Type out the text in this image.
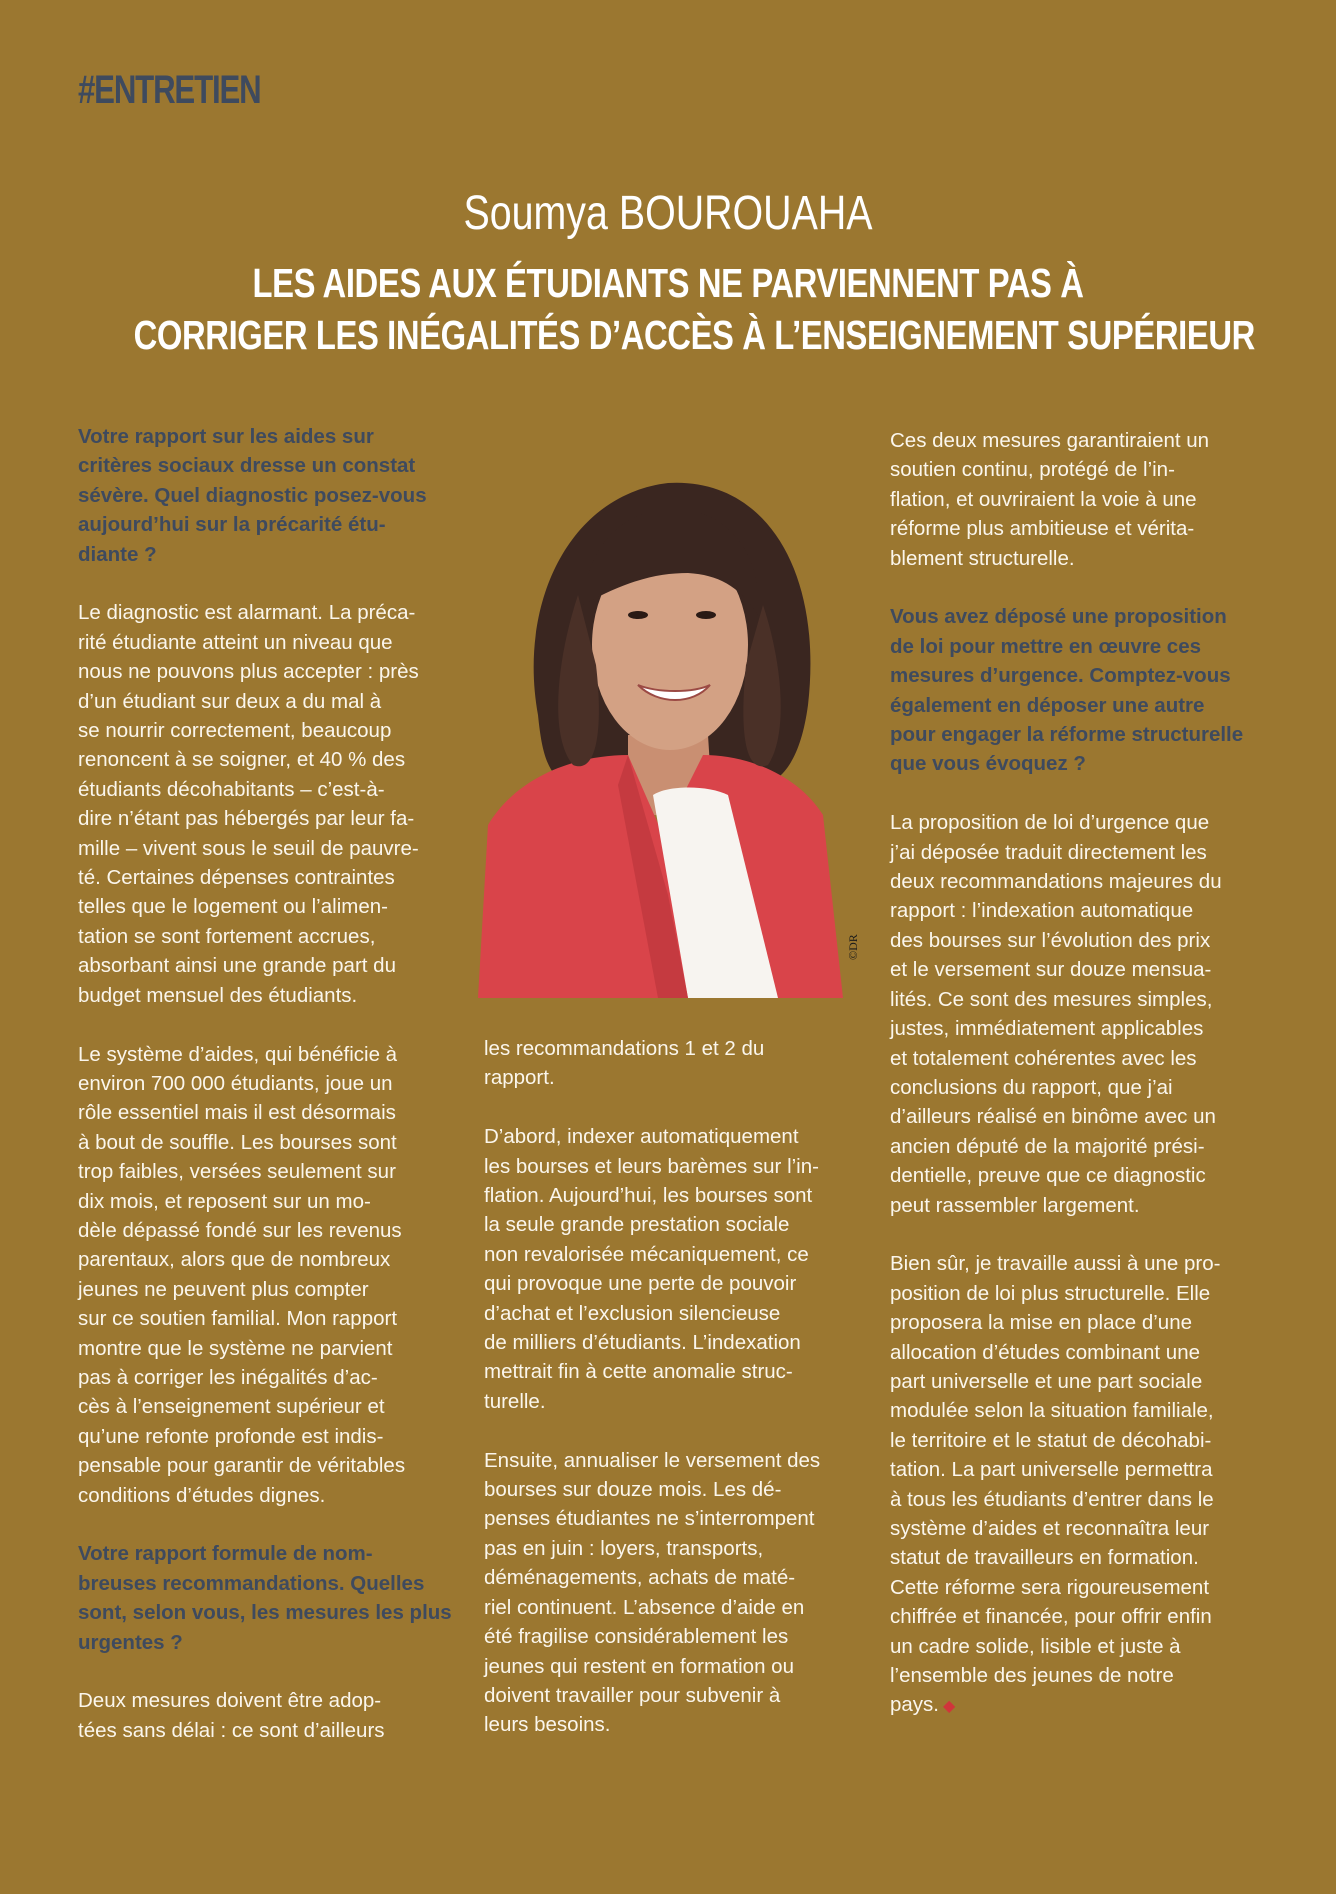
#ENTRETIEN
Soumya BOUROUAHA
LES AIDES AUX ÉTUDIANTS NE PARVIENNENT PAS À
CORRIGER LES INÉGALITÉS D’ACCÈS À L’ENSEIGNEMENT SUPÉRIEUR

Votre rapport sur les aides sur
critères sociaux dresse un constat
sévère. Quel diagnostic posez-vous
aujourd’hui sur la précarité étu-
diante ?

Le diagnostic est alarmant. La préca-
rité étudiante atteint un niveau que
nous ne pouvons plus accepter : près
d’un étudiant sur deux a du mal à
se nourrir correctement, beaucoup
renoncent à se soigner, et 40 % des
étudiants décohabitants – c’est-à-
dire n’étant pas hébergés par leur fa-
mille – vivent sous le seuil de pauvre-
té. Certaines dépenses contraintes
telles que le logement ou l’alimen-
tation se sont fortement accrues,
absorbant ainsi une grande part du
budget mensuel des étudiants.

Le système d’aides, qui bénéficie à
environ 700 000 étudiants, joue un
rôle essentiel mais il est désormais
à bout de souffle. Les bourses sont
trop faibles, versées seulement sur
dix mois, et reposent sur un mo-
dèle dépassé fondé sur les revenus
parentaux, alors que de nombreux
jeunes ne peuvent plus compter
sur ce soutien familial. Mon rapport
montre que le système ne parvient
pas à corriger les inégalités d’ac-
cès à l’enseignement supérieur et
qu’une refonte profonde est indis-
pensable pour garantir de véritables
conditions d’études dignes.

Votre rapport formule de nom-
breuses recommandations. Quelles
sont, selon vous, les mesures les plus
urgentes ?

Deux mesures doivent être adop-
tées sans délai : ce sont d’ailleurs

les recommandations 1 et 2 du
rapport.

D’abord, indexer automatiquement
les bourses et leurs barèmes sur l’in-
flation. Aujourd’hui, les bourses sont
la seule grande prestation sociale
non revalorisée mécaniquement, ce
qui provoque une perte de pouvoir
d’achat et l’exclusion silencieuse
de milliers d’étudiants. L’indexation
mettrait fin à cette anomalie struc-
turelle.

Ensuite, annualiser le versement des
bourses sur douze mois. Les dé-
penses étudiantes ne s’interrompent
pas en juin : loyers, transports,
déménagements, achats de maté-
riel continuent. L’absence d’aide en
été fragilise considérablement les
jeunes qui restent en formation ou
doivent travailler pour subvenir à
leurs besoins.

Ces deux mesures garantiraient un
soutien continu, protégé de l’in-
flation, et ouvriraient la voie à une
réforme plus ambitieuse et vérita-
blement structurelle.

Vous avez déposé une proposition
de loi pour mettre en œuvre ces
mesures d’urgence. Comptez-vous
également en déposer une autre
pour engager la réforme structurelle
que vous évoquez ?

La proposition de loi d’urgence que
j’ai déposée traduit directement les
deux recommandations majeures du
rapport : l’indexation automatique
des bourses sur l’évolution des prix
et le versement sur douze mensua-
lités. Ce sont des mesures simples,
justes, immédiatement applicables
et totalement cohérentes avec les
conclusions du rapport, que j’ai
d’ailleurs réalisé en binôme avec un
ancien député de la majorité prési-
dentielle, preuve que ce diagnostic
peut rassembler largement.

Bien sûr, je travaille aussi à une pro-
position de loi plus structurelle. Elle
proposera la mise en place d’une
allocation d’études combinant une
part universelle et une part sociale
modulée selon la situation familiale,
le territoire et le statut de décohabi-
tation. La part universelle permettra
à tous les étudiants d’entrer dans le
système d’aides et reconnaîtra leur
statut de travailleurs en formation.
Cette réforme sera rigoureusement
chiffrée et financée, pour offrir enfin
un cadre solide, lisible et juste à
l’ensemble des jeunes de notre
pays. ◆

©DR
